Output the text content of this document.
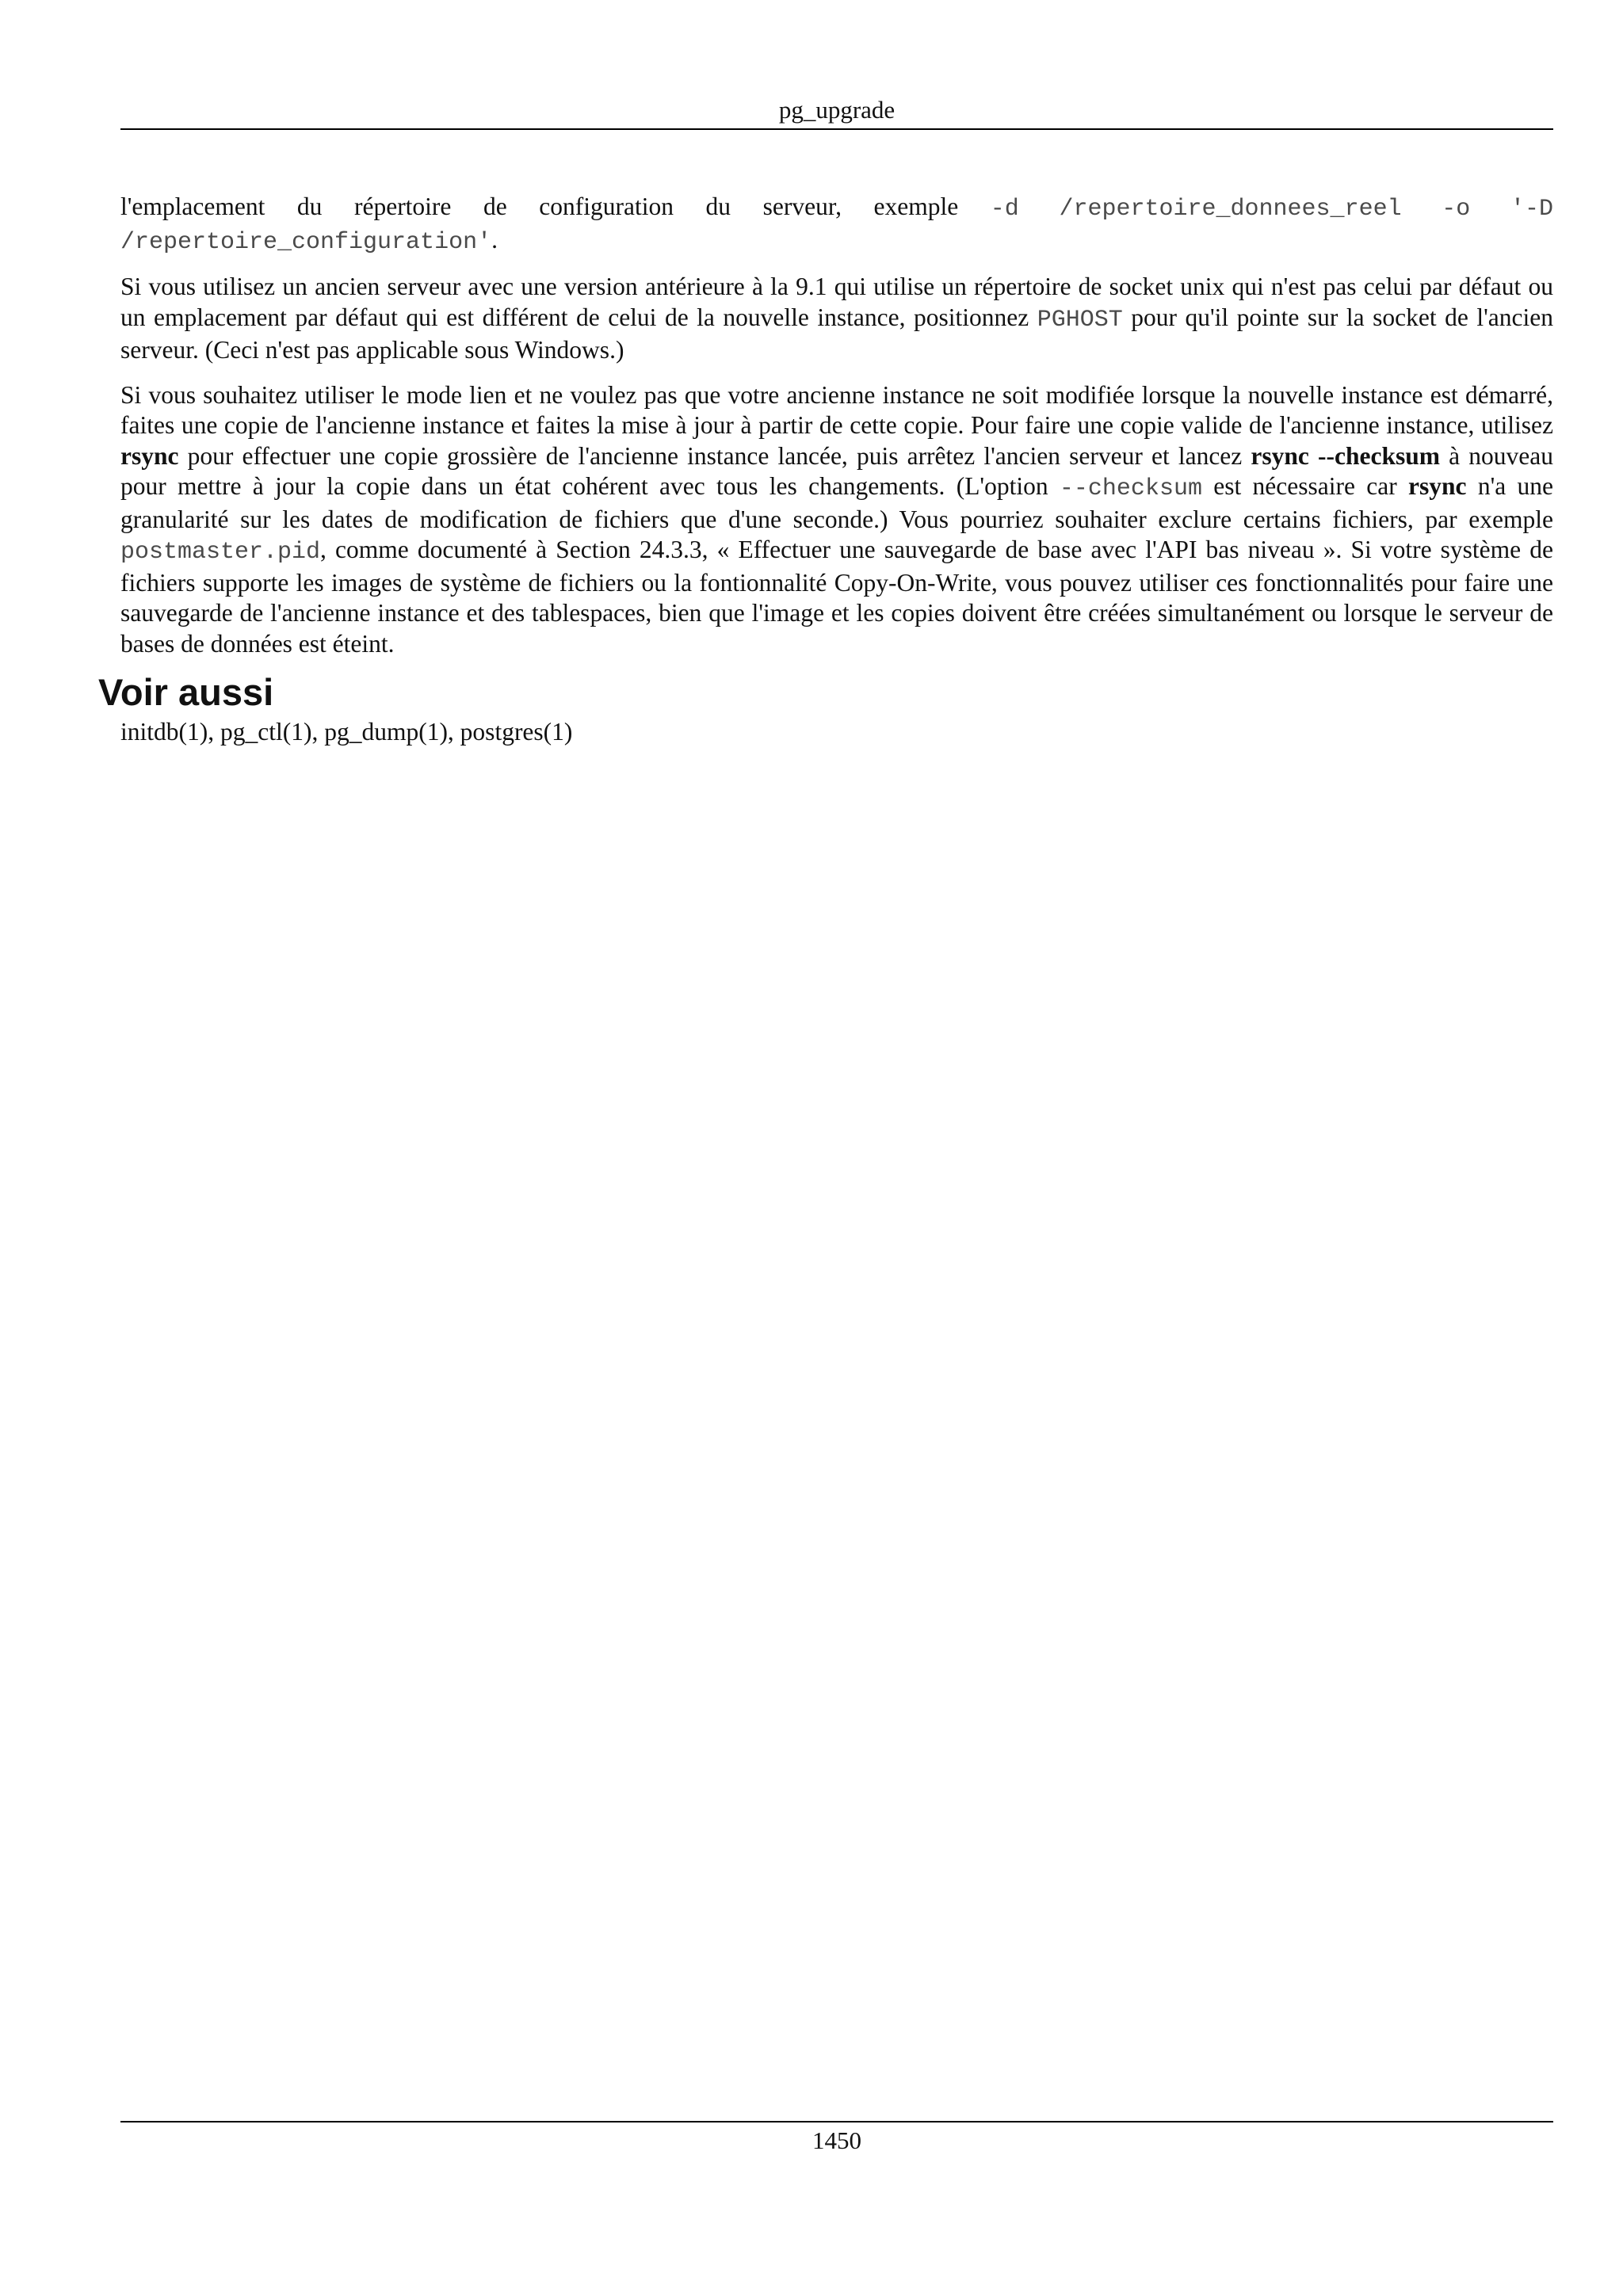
pg_upgrade

l'emplacement du répertoire de configuration du serveur, exemple -d /repertoire_donnees_reel -o '-D /repertoire_configuration'.

Si vous utilisez un ancien serveur avec une version antérieure à la 9.1 qui utilise un répertoire de socket unix qui n'est pas celui par défaut ou un emplacement par défaut qui est différent de celui de la nouvelle instance, positionnez PGHOST pour qu'il pointe sur la socket de l'ancien serveur. (Ceci n'est pas applicable sous Windows.)

Si vous souhaitez utiliser le mode lien et ne voulez pas que votre ancienne instance ne soit modifiée lorsque la nouvelle instance est démarré, faites une copie de l'ancienne instance et faites la mise à jour à partir de cette copie. Pour faire une copie valide de l'ancienne instance, utilisez rsync pour effectuer une copie grossière de l'ancienne instance lancée, puis arrêtez l'ancien serveur et lancez rsync --checksum à nouveau pour mettre à jour la copie dans un état cohérent avec tous les changements. (L'option --checksum est nécessaire car rsync n'a une granularité sur les dates de modification de fichiers que d'une seconde.) Vous pourriez souhaiter exclure certains fichiers, par exemple postmaster.pid, comme documenté à Section 24.3.3, « Effectuer une sauvegarde de base avec l'API bas niveau ». Si votre système de fichiers supporte les images de système de fichiers ou la fontionnalité Copy-On-Write, vous pouvez utiliser ces fonctionnalités pour faire une sauvegarde de l'ancienne instance et des tablespaces, bien que l'image et les copies doivent être créées simultanément ou lorsque le serveur de bases de données est éteint.

Voir aussi
initdb(1), pg_ctl(1), pg_dump(1), postgres(1)
1450
